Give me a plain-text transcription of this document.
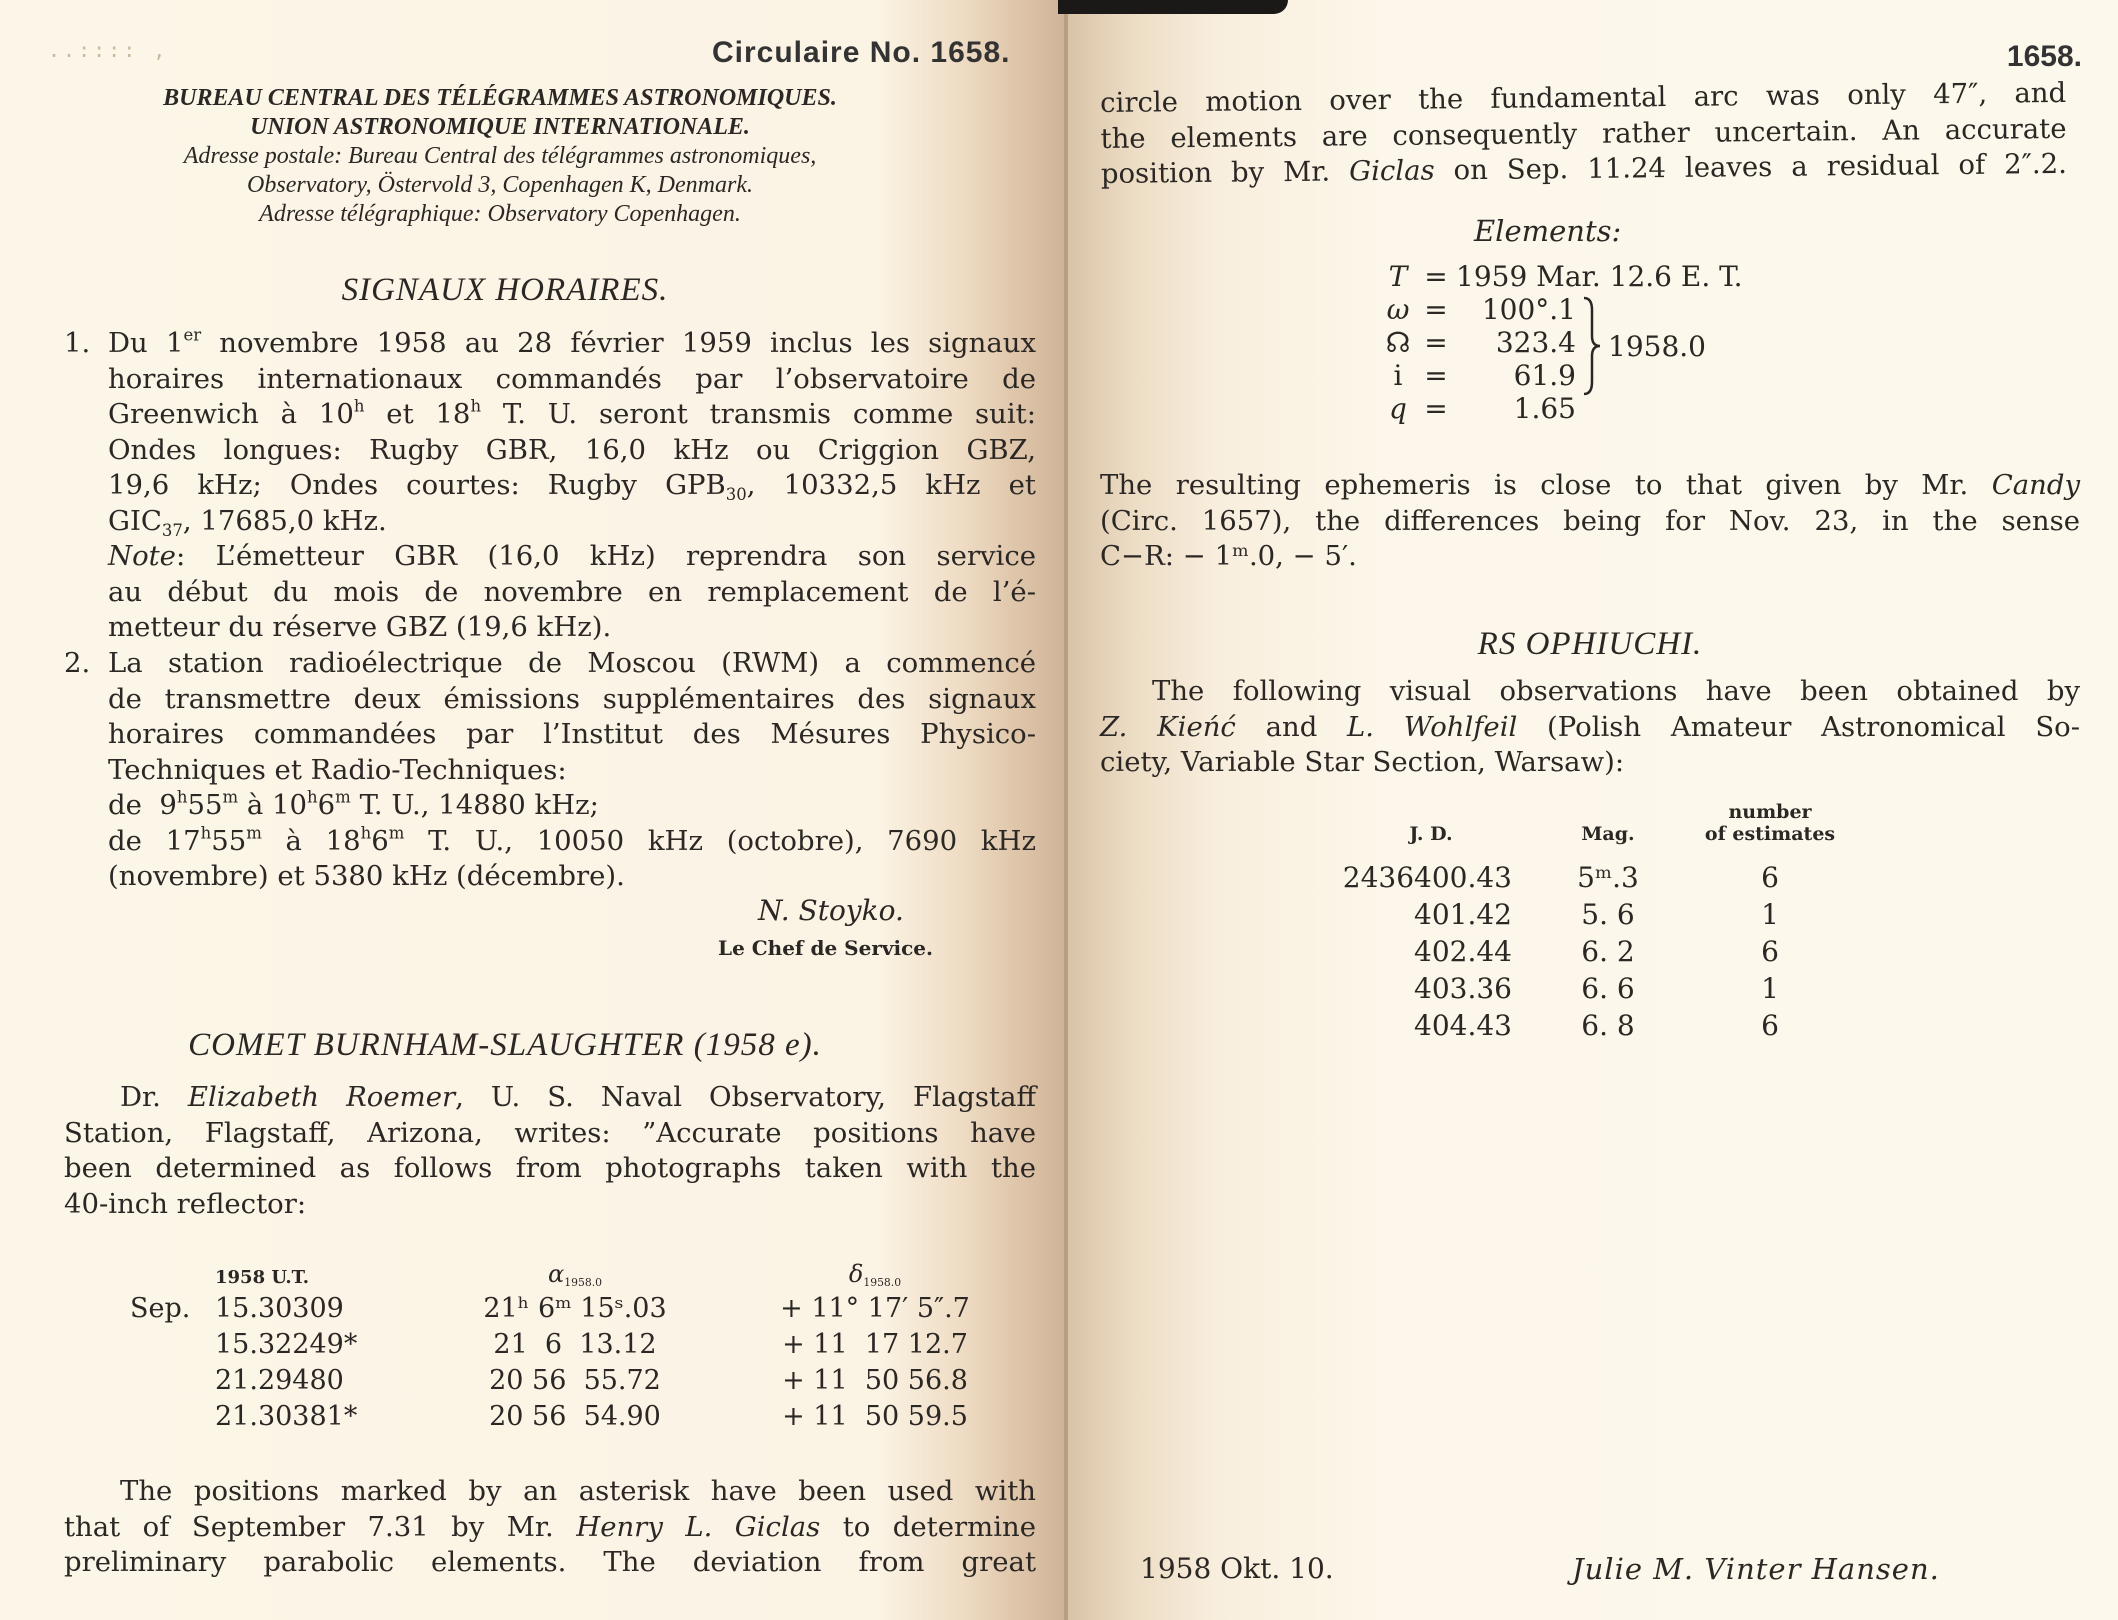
..:::: ,	Circulaire No. 1658.
BUREAU CENTRAL DES TÉLÉGRAMMES ASTRONOMIQUES.
UNION ASTRONOMIQUE INTERNATIONALE.
Adresse postale: Bureau Central des télégrammes astronomiques,
Observatory, Östervold 3, Copenhagen K, Denmark.
Adresse télégraphique: Observatory Copenhagen.
SIGNAUX HORAIRES.
1. Du 1er novembre 1958 au 28 février 1959 inclus les signaux
horaires internationaux commandés par l’observatoire de
Greenwich à 10$^h$ et 18$^h$ T. U. seront transmis comme suit:
Ondes longues: Rugby GBR, 16,0 kHz ou Criggion GBZ,
19,6 kHz; Ondes courtes: Rugby $GPB_{30}$, 10332,5 kHz et
$GIC_{37}$, 17685,0 kHz.
Note: L’émetteur GBR (16,0 kHz) reprendra son service
au début du mois de novembre en remplacement de l’é-
metteur du réserve GBZ (19,6 kHz).
2. La station radioélectrique de Moscou (RWM) a commencé
de transmettre deux émissions supplémentaires des signaux
horaires commandées par l’Institut des Mésures Physico-
Techniques et Radio-Techniques:
de  9$^h$55$^m$ à 10$^h$6$^m$ T. U., 14880 kHz;
de 17$^h$55$^m$ à 18$^h$6$^m$ T. U., 10050 kHz (octobre), 7690 kHz
(novembre) et 5380 kHz (décembre).
N. Stoyko.
Le Chef de Service.
COMET BURNHAM-SLAUGHTER (1958 e).
Dr. Elizabeth Roemer, U. S. Naval Observatory, Flagstaff
Station, Flagstaff, Arizona, writes: ”Accurate positions have
been determined as follows from photographs taken with the
40-inch reflector:
	1958 U.T.	$\alpha_{1958.0}$	$\delta_{1958.0}$
Sep.	15.30309	21ʰ 6ᵐ 15ˢ.03	+ 11° 17′ 5″.7
	15.32249*	21  6  13.12	+ 11  17 12.7
	21.29480	20 56  55.72	+ 11  50 56.8
	21.30381*	20 56  54.90	+ 11  50 59.5
The positions marked by an asterisk have been used with
that of September 7.31 by Mr. Henry L. Giclas to determine
preliminary parabolic elements. The deviation from great
1658.
circle motion over the fundamental arc was only 47″, and
the elements are consequently rather uncertain. An accurate
position by Mr. Giclas on Sep. 11.24 leaves a residual of 2″.2.
Elements:
T = 1959 Mar. 12.6 E. T.
ω = 100°.1
☊ = 323.4
i = 61.9
q = 1.65
1958.0
The resulting ephemeris is close to that given by Mr. Candy
(Circ. 1657), the differences being for Nov. 23, in the sense
C−R: − 1ᵐ.0, − 5′.
RS OPHIUCHI.
The following visual observations have been obtained by
Z. Kieńć and L. Wohlfeil (Polish Amateur Astronomical So-
ciety, Variable Star Section, Warsaw):
J. D.	Mag.	number
of estimates

2436400.43	5ᵐ.3	6
401.42	5. 6	1
402.44	6. 2	6
403.36	6. 6	1
404.43	6. 8	6
1958 Okt. 10.	Julie M. Vinter Hansen.
